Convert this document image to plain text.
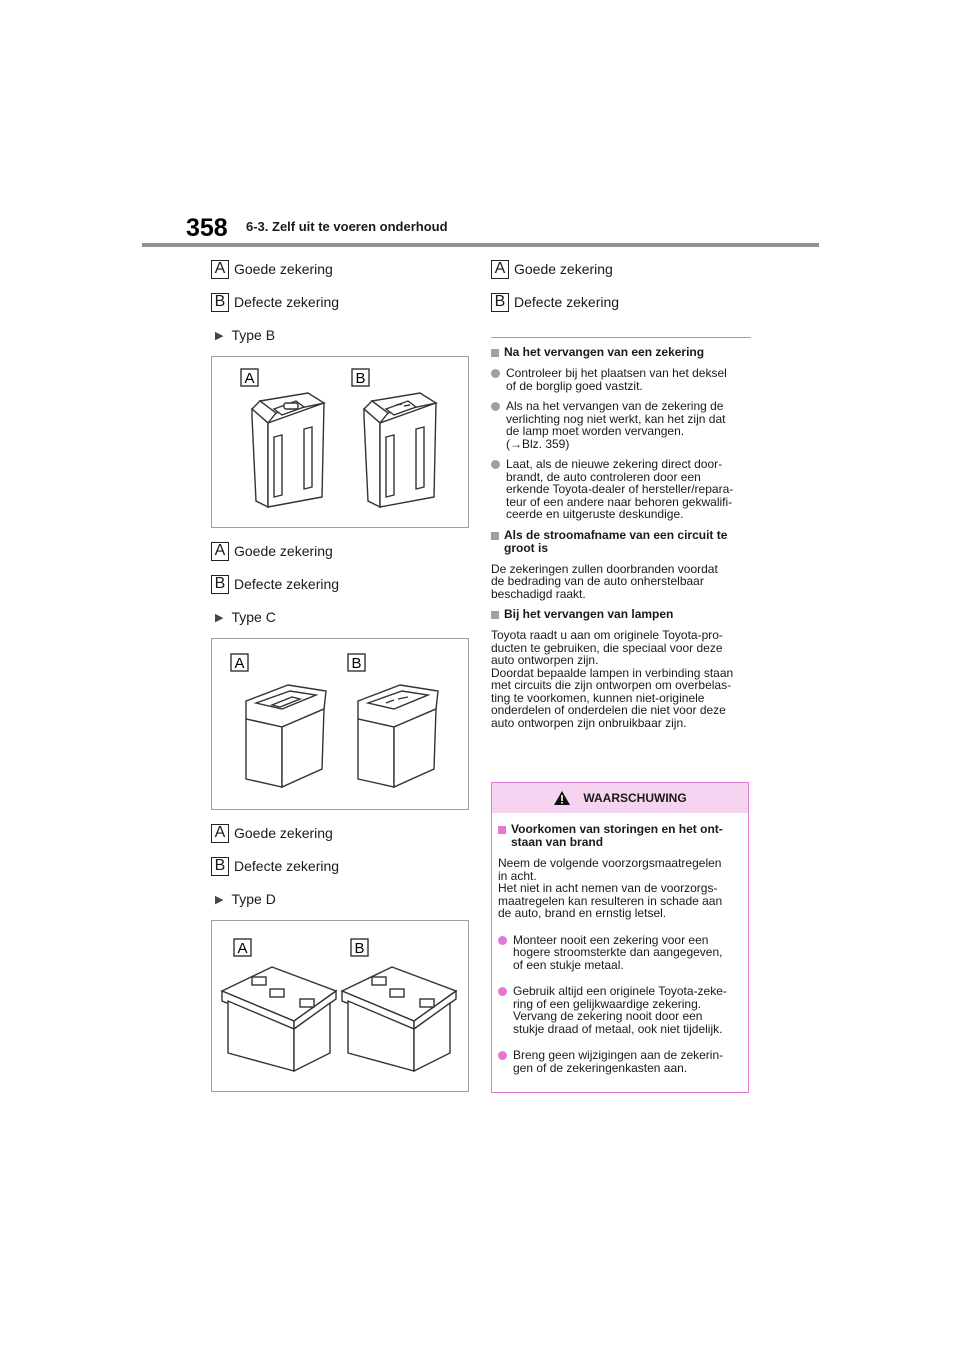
358 6-3. Zelf uit te voeren onderhoud
A Goede zekering
B Defecte zekering
▶ Type B
A	B
A Goede zekering
B Defecte zekering
▶ Type C
A	B
A Goede zekering
B Defecte zekering
▶ Type D
A	B
A Goede zekering
B Defecte zekering
Na het vervangen van een zekering
Controleer bij het plaatsen van het deksel
of de borglip goed vastzit.
Als na het vervangen van de zekering de
verlichting nog niet werkt, kan het zijn dat
de lamp moet worden vervangen.
(→Blz. 359)
Laat, als de nieuwe zekering direct door-
brandt, de auto controleren door een
erkende Toyota-dealer of hersteller/repara-
teur of een andere naar behoren gekwalifi-
ceerde en uitgeruste deskundige.
Als de stroomafname van een circuit te
groot is
De zekeringen zullen doorbranden voordat
de bedrading van de auto onherstelbaar
beschadigd raakt.
Bij het vervangen van lampen
Toyota raadt u aan om originele Toyota-pro-
ducten te gebruiken, die speciaal voor deze
auto ontworpen zijn.
Doordat bepaalde lampen in verbinding staan
met circuits die zijn ontworpen om overbelas-
ting te voorkomen, kunnen niet-originele
onderdelen of onderdelen die niet voor deze
auto ontworpen zijn onbruikbaar zijn.
WAARSCHUWING
Voorkomen van storingen en het ont-
staan van brand
Neem de volgende voorzorgsmaatregelen
in acht.
Het niet in acht nemen van de voorzorgs-
maatregelen kan resulteren in schade aan
de auto, brand en ernstig letsel.
Monteer nooit een zekering voor een
hogere stroomsterkte dan aangegeven,
of een stukje metaal.
Gebruik altijd een originele Toyota-zeke-
ring of een gelijkwaardige zekering.
Vervang de zekering nooit door een
stukje draad of metaal, ook niet tijdelijk.
Breng geen wijzigingen aan de zekerin-
gen of de zekeringenkasten aan.
